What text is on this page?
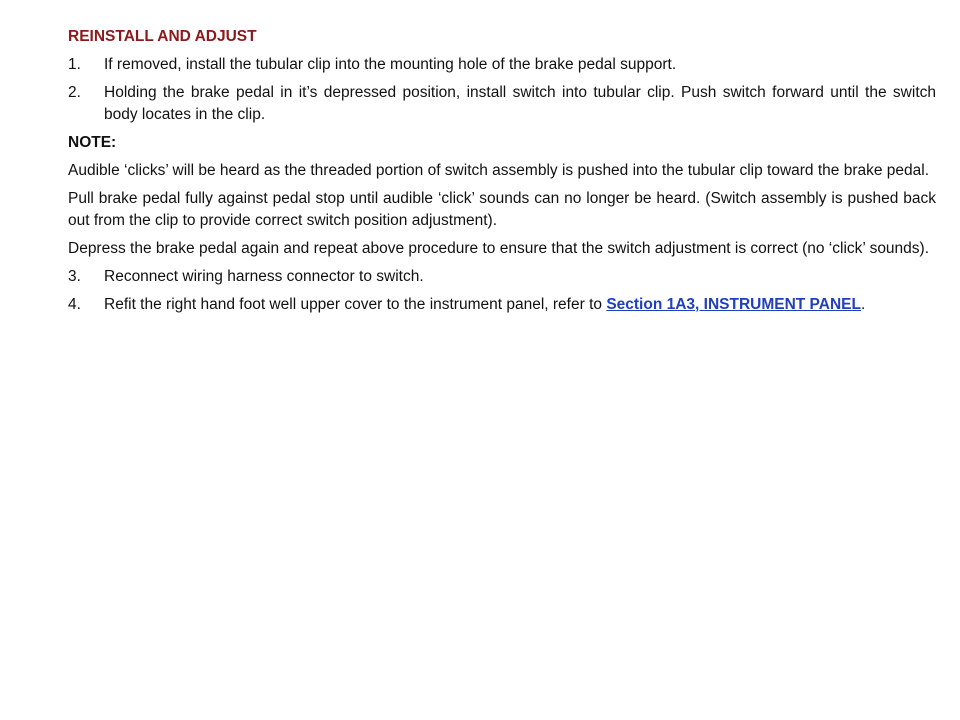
REINSTALL AND ADJUST
1.	If removed, install the tubular clip into the mounting hole of the brake pedal support.
2.	Holding the brake pedal in it’s depressed position, install switch into tubular clip. Push switch forward until the switch body locates in the clip.
NOTE:
Audible ‘clicks’ will be heard as the threaded portion of switch assembly is pushed into the tubular clip toward the brake pedal.
Pull brake pedal fully against pedal stop until audible ‘click’ sounds can no longer be heard. (Switch assembly is pushed back out from the clip to provide correct switch position adjustment).
Depress the brake pedal again and repeat above procedure to ensure that the switch adjustment is correct (no ‘click’ sounds).
3.	Reconnect wiring harness connector to switch.
4.	Refit the right hand foot well upper cover to the instrument panel, refer to Section 1A3, INSTRUMENT PANEL.
